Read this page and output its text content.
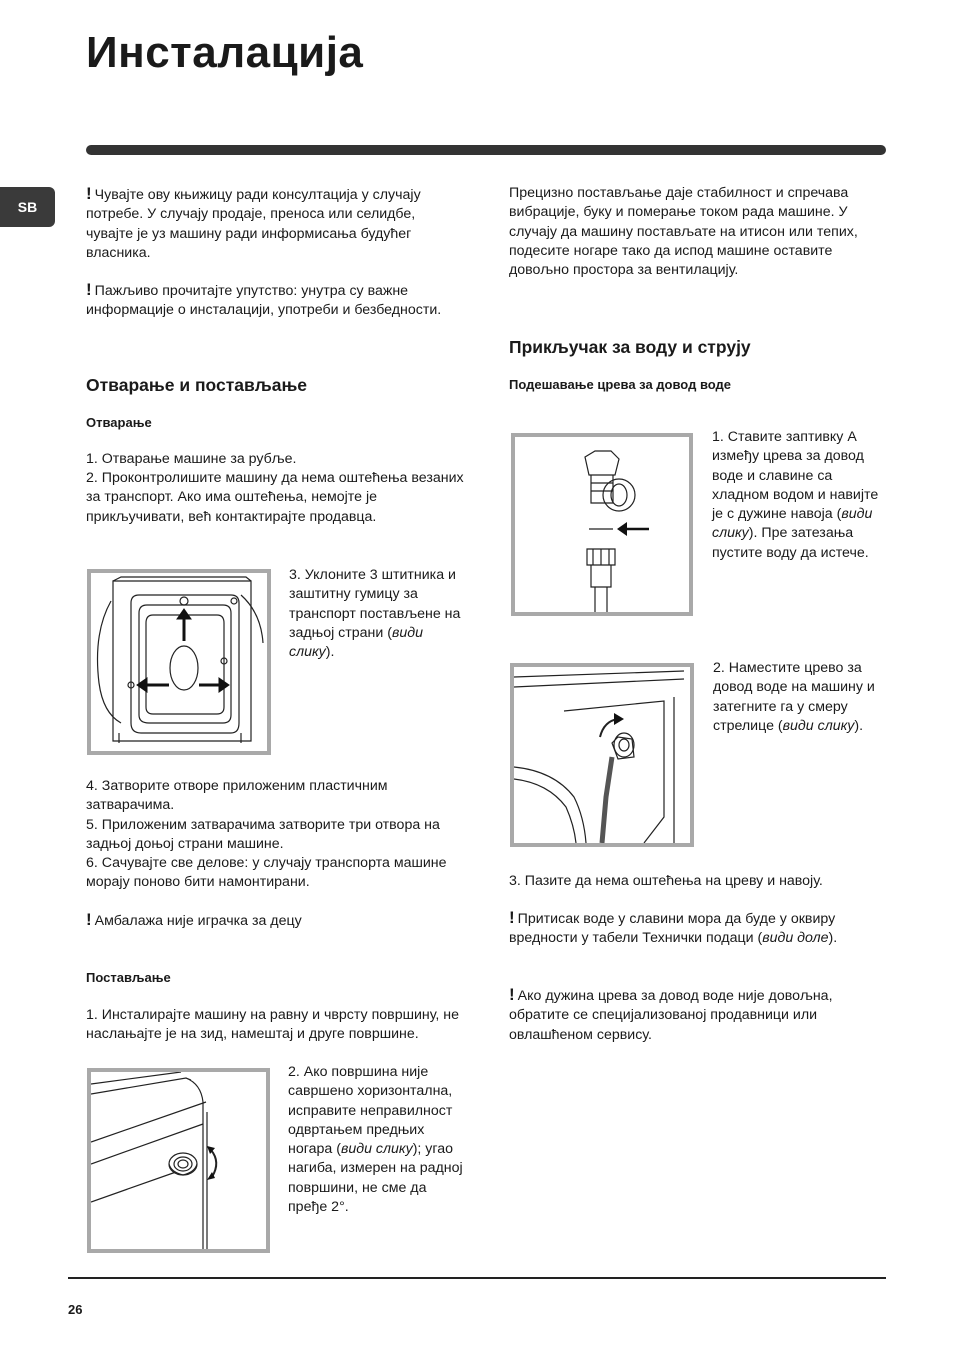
Инсталација
SB

! Чувајте ову књижицу ради консултација у случају потребе. У случају продаје, преноса или селидбе, чувајте је уз машину ради информисања будућег власника.

! Пажљиво прочитајте упутство: унутра су важне информације о инсталацији, употреби и безбедности.

Отварање и постављање
Отварање

1. Отварање машине за рубље.

2. Проконтролишите машину да нема оштећења везаних за транспорт. Ако има оштећења, немојте је прикључивати, већ контактирајте продавца.

3. Уклоните 3 штитника и заштитну гумицу за транспорт постављене на задњој страни (види слику).

4. Затворите отворе приложеним пластичним затварачима.

5. Приложеним затварачима затворите три отвора на задњој доњој страни машине.

6. Сачувајте све делове: у случају транспорта машине морају поново бити намонтирани.

! Амбалажа није играчка за децу

Постављање

1. Инсталирајте машину на равну и чврсту површину, не наслањајте је на зид, намештај и друге површине.

2. Ако површина није савршено хоризонтална, исправите неправилност одвртањем предњих ногара (види слику); угао нагиба, измерен на радној површини, не сме да пређе 2°.

Прецизно постављање даје стабилност и спречава вибрације, буку и померање током рада машине. У случају да машину постављате на итисон или тепих, подесите ногаре тако да испод машине оставите довољно простора за вентилацију.

Прикључак за воду и струју
Подешавање црева за довод воде

1. Ставите заптивку А између црева за довод воде и славине са хладном водом и навијте је с дужине навоја (види слику). Пре затезања пустите воду да истече.

2. Наместите црево за довод воде на машину и затегните га у смеру стрелице (види слику).

3. Пазите да нема оштећења на цреву и навоју.

! Притисак воде у славини мора да буде у оквиру вредности у табели Технички подаци (види доле).

! Ако дужина црева за довод воде није довољна, обратите се специјализованој продавници или овлашћеном сервису.

26
